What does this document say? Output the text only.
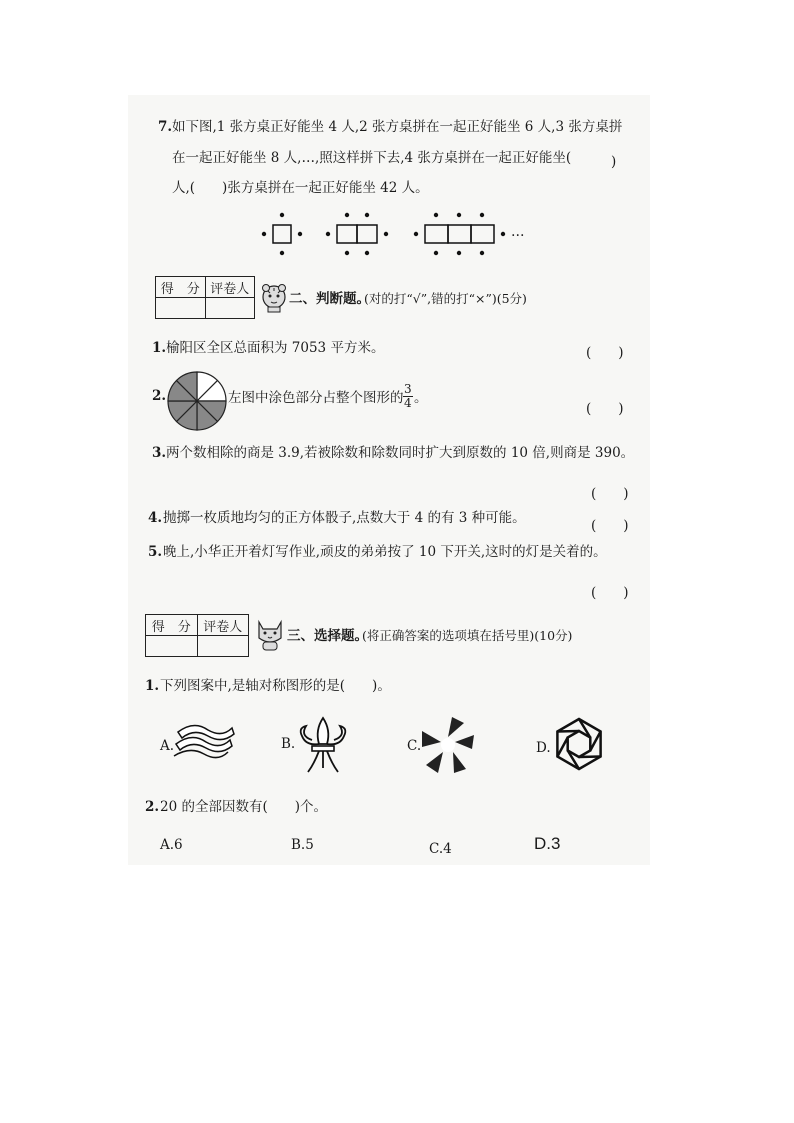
7. 如下图,1 张方桌正好能坐 4 人,2 张方桌拼在一起正好能坐 6 人,3 张方桌拼
在一起正好能坐 8 人,…,照这样拼下去,4 张方桌拼在一起正好能坐(	)
人,(　　)张方桌拼在一起正好能坐 42 人。
…
得　分	评卷人

二、判断题。
(对的打“√”,错的打“×”)(5分)
1. 榆阳区全区总面积为 7053 平方米。	(　　)
2.	左图中涂色部分占整个图形的 $\frac{3}{4}$ 。
(　　)
3. 两个数相除的商是 3.9,若被除数和除数同时扩大到原数的 10 倍,则商是 390。
(　　)
4. 抛掷一枚质地均匀的正方体骰子,点数大于 4 的有 3 种可能。	(　　)
5. 晚上,小华正开着灯写作业,顽皮的弟弟按了 10 下开关,这时的灯是关着的。
(　　)
得　分	评卷人

三、选择题。
(将正确答案的选项填在括号里)(10分)
1. 下列图案中,是轴对称图形的是(　　)。
A.	B.	C.	D.
2. 20 的全部因数有(　　)个。
A.6	B.5	C.4	D.3
